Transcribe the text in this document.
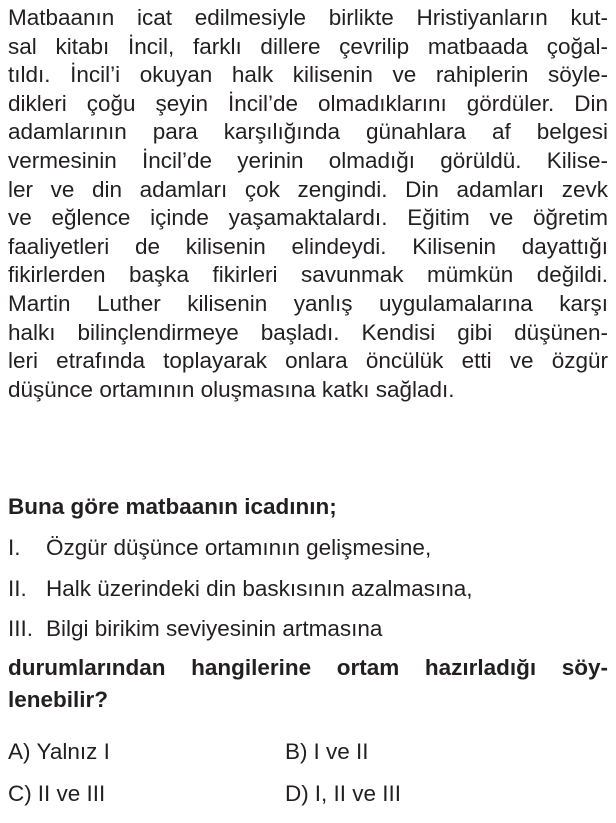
Matbaanın icat edilmesiyle birlikte Hristiyanların kut-
sal kitabı İncil, farklı dillere çevrilip matbaada çoğal-
tıldı. İncil’i okuyan halk kilisenin ve rahiplerin söyle-
dikleri çoğu şeyin İncil’de olmadıklarını gördüler. Din
adamlarının para karşılığında günahlara af belgesi
vermesinin İncil’de yerinin olmadığı görüldü. Kilise-
ler ve din adamları çok zengindi. Din adamları zevk
ve eğlence içinde yaşamaktalardı. Eğitim ve öğretim
faaliyetleri de kilisenin elindeydi. Kilisenin dayattığı
fikirlerden başka fikirleri savunmak mümkün değildi.
Martin Luther kilisenin yanlış uygulamalarına karşı
halkı bilinçlendirmeye başladı. Kendisi gibi düşünen-
leri etrafında toplayarak onlara öncülük etti ve özgür
düşünce ortamının oluşmasına katkı sağladı.
Buna göre matbaanın icadının;
I.	Özgür düşünce ortamının gelişmesine,
II. Halk üzerindeki din baskısının azalmasına,
III. Bilgi birikim seviyesinin artmasına
durumlarından hangilerine ortam hazırladığı söy-
lenebilir?
A) Yalnız I	B) I ve II
C) II ve III	D) I, II ve III
